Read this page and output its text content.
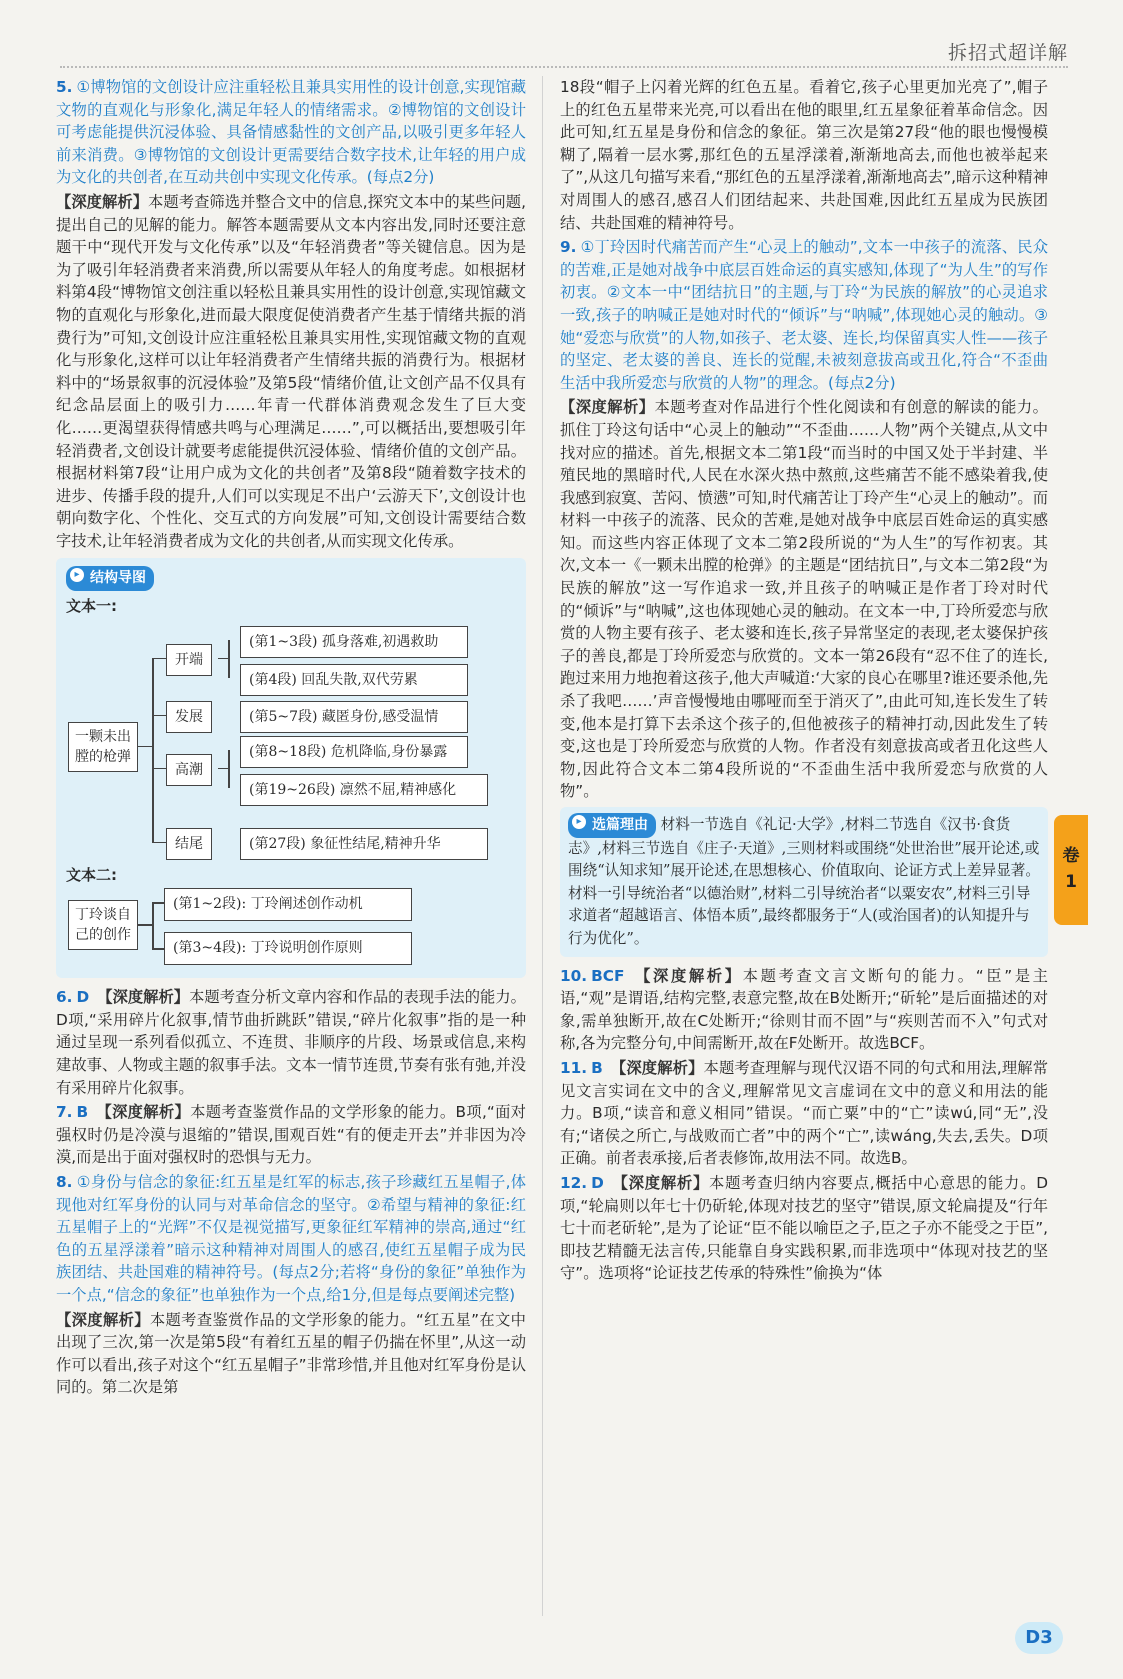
拆招式超详解

5. ①博物馆的文创设计应注重轻松且兼具实用性的设计创意,实现馆藏文物的直观化与形象化,满足年轻人的情绪需求。②博物馆的文创设计可考虑能提供沉浸体验、具备情感黏性的文创产品,以吸引更多年轻人前来消费。③博物馆的文创设计更需要结合数字技术,让年轻的用户成为文化的共创者,在互动共创中实现文化传承。(每点2分)

【深度解析】本题考查筛选并整合文中的信息,探究文本中的某些问题,提出自己的见解的能力。解答本题需要从文本内容出发,同时还要注意题干中“现代开发与文化传承”以及“年轻消费者”等关键信息。因为是为了吸引年轻消费者来消费,所以需要从年轻人的角度考虑。如根据材料第4段“博物馆文创注重以轻松且兼具实用性的设计创意,实现馆藏文物的直观化与形象化,进而最大限度促使消费者产生基于情绪共振的消费行为”可知,文创设计应注重轻松且兼具实用性,实现馆藏文物的直观化与形象化,这样可以让年轻消费者产生情绪共振的消费行为。根据材料中的“场景叙事的沉浸体验”及第5段“情绪价值,让文创产品不仅具有纪念品层面上的吸引力……年青一代群体消费观念发生了巨大变化……更渴望获得情感共鸣与心理满足……”,可以概括出,要想吸引年轻消费者,文创设计就要考虑能提供沉浸体验、情绪价值的文创产品。根据材料第7段“让用户成为文化的共创者”及第8段“随着数字技术的进步、传播手段的提升,人们可以实现足不出户‘云游天下’,文创设计也朝向数字化、个性化、交互式的方向发展”可知,文创设计需要结合数字技术,让年轻消费者成为文化的共创者,从而实现文化传承。

▸ 结构导图
文本一:
一颗未出膛的枪弹
开端
发展
高潮
结尾
(第1~3段) 孤身落难,初遇救助
(第4段) 回乱失散,双代劳累
(第5~7段) 藏匿身份,感受温情
(第8~18段) 危机降临,身份暴露
(第19~26段) 凛然不屈,精神感化
(第27段) 象征性结尾,精神升华
文本二:
丁玲谈自己的创作
(第1~2段): 丁玲阐述创作动机
(第3~4段): 丁玲说明创作原则

6. D 【深度解析】本题考查分析文章内容和作品的表现手法的能力。D项,“采用碎片化叙事,情节曲折跳跃”错误,“碎片化叙事”指的是一种通过呈现一系列看似孤立、不连贯、非顺序的片段、场景或信息,来构建故事、人物或主题的叙事手法。文本一情节连贯,节奏有张有弛,并没有采用碎片化叙事。

7. B 【深度解析】本题考查鉴赏作品的文学形象的能力。B项,“面对强权时仍是冷漠与退缩的”错误,围观百姓“有的便走开去”并非因为冷漠,而是出于面对强权时的恐惧与无力。

8. ①身份与信念的象征:红五星是红军的标志,孩子珍藏红五星帽子,体现他对红军身份的认同与对革命信念的坚守。②希望与精神的象征:红五星帽子上的“光辉”不仅是视觉描写,更象征红军精神的崇高,通过“红色的五星浮漾着”暗示这种精神对周围人的感召,使红五星帽子成为民族团结、共赴国难的精神符号。(每点2分;若将“身份的象征”单独作为一个点,“信念的象征”也单独作为一个点,给1分,但是每点要阐述完整)

【深度解析】本题考查鉴赏作品的文学形象的能力。“红五星”在文中出现了三次,第一次是第5段“有着红五星的帽子仍揣在怀里”,从这一动作可以看出,孩子对这个“红五星帽子”非常珍惜,并且他对红军身份是认同的。第二次是第

18段“帽子上闪着光辉的红色五星。看着它,孩子心里更加光亮了”,帽子上的红色五星带来光亮,可以看出在他的眼里,红五星象征着革命信念。因此可知,红五星是身份和信念的象征。第三次是第27段“他的眼也慢慢模糊了,隔着一层水雾,那红色的五星浮漾着,渐渐地高去,而他也被举起来了”,从这几句描写来看,“那红色的五星浮漾着,渐渐地高去”,暗示这种精神对周围人的感召,感召人们团结起来、共赴国难,因此红五星成为民族团结、共赴国难的精神符号。

9. ①丁玲因时代痛苦而产生“心灵上的触动”,文本一中孩子的流落、民众的苦难,正是她对战争中底层百姓命运的真实感知,体现了“为人生”的写作初衷。②文本一中“团结抗日”的主题,与丁玲“为民族的解放”的心灵追求一致,孩子的呐喊正是她对时代的“倾诉”与“呐喊”,体现她心灵的触动。③她“爱恋与欣赏”的人物,如孩子、老太婆、连长,均保留真实人性——孩子的坚定、老太婆的善良、连长的觉醒,未被刻意拔高或丑化,符合“不歪曲生活中我所爱恋与欣赏的人物”的理念。(每点2分)

【深度解析】本题考查对作品进行个性化阅读和有创意的解读的能力。抓住丁玲这句话中“心灵上的触动”“不歪曲……人物”两个关键点,从文中找对应的描述。首先,根据文本二第1段“而当时的中国又处于半封建、半殖民地的黑暗时代,人民在水深火热中熬煎,这些痛苦不能不感染着我,使我感到寂寞、苦闷、愤懑”可知,时代痛苦让丁玲产生“心灵上的触动”。而材料一中孩子的流落、民众的苦难,是她对战争中底层百姓命运的真实感知。而这些内容正体现了文本二第2段所说的“为人生”的写作初衷。其次,文本一《一颗未出膛的枪弹》的主题是“团结抗日”,与文本二第2段“为民族的解放”这一写作追求一致,并且孩子的呐喊正是作者丁玲对时代的“倾诉”与“呐喊”,这也体现她心灵的触动。在文本一中,丁玲所爱恋与欣赏的人物主要有孩子、老太婆和连长,孩子异常坚定的表现,老太婆保护孩子的善良,都是丁玲所爱恋与欣赏的。文本一第26段有“忍不住了的连长,跑过来用力地抱着这孩子,他大声喊道:‘大家的良心在哪里?谁还要杀他,先杀了我吧……’声音慢慢地由哪哑而至于消灭了”,由此可知,连长发生了转变,他本是打算下去杀这个孩子的,但他被孩子的精神打动,因此发生了转变,这也是丁玲所爱恋与欣赏的人物。作者没有刻意拔高或者丑化这些人物,因此符合文本二第4段所说的“不歪曲生活中我所爱恋与欣赏的人物”。

▸ 选篇理由 材料一节选自《礼记·大学》,材料二节选自《汉书·食货志》,材料三节选自《庄子·天道》,三则材料或围绕“处世治世”展开论述,或围绕“认知求知”展开论述,在思想核心、价值取向、论证方式上差异显著。材料一引导统治者“以德治财”,材料二引导统治者“以粟安农”,材料三引导求道者“超越语言、体悟本质”,最终都服务于“人(或治国者)的认知提升与行为优化”。

10. BCF 【深度解析】本题考查文言文断句的能力。“臣”是主语,“观”是谓语,结构完整,表意完整,故在B处断开;“斫轮”是后面描述的对象,需单独断开,故在C处断开;“徐则甘而不固”与“疾则苦而不入”句式对称,各为完整分句,中间需断开,故在F处断开。故选BCF。

11. B 【深度解析】本题考查理解与现代汉语不同的句式和用法,理解常见文言实词在文中的含义,理解常见文言虚词在文中的意义和用法的能力。B项,“读音和意义相同”错误。“而亡粟”中的“亡”读wú,同“无”,没有;“诸侯之所亡,与战败而亡者”中的两个“亡”,读wáng,失去,丢失。D项正确。前者表承接,后者表修饰,故用法不同。故选B。

12. D 【深度解析】本题考查归纳内容要点,概括中心意思的能力。D项,“轮扁则以年七十仍斫轮,体现对技艺的坚守”错误,原文轮扁提及“行年七十而老斫轮”,是为了论证“臣不能以喻臣之子,臣之子亦不能受之于臣”,即技艺精髓无法言传,只能靠自身实践积累,而非选项中“体现对技艺的坚守”。选项将“论证技艺传承的特殊性”偷换为“体

卷
1
D3
